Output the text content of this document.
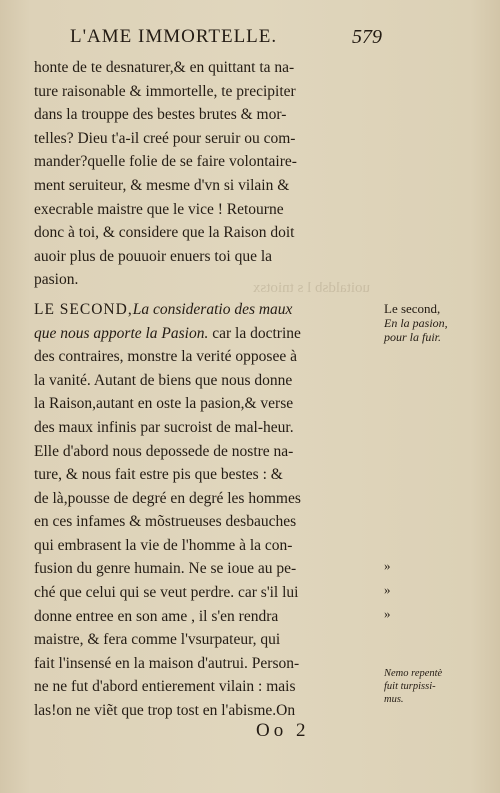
uoitaldsb l s tniotsx
L'AME IMMORTELLE.	579
honte de te desnaturer,& en quittant ta na-
ture raisonable & immortelle, te precipiter
dans la trouppe des bestes brutes & mor-
telles? Dieu t'a-il creé pour seruir ou com-
mander?quelle folie de se faire volontaire-
ment seruiteur, & mesme d'vn si vilain &
execrable maistre que le vice ! Retourne
donc à toi, & considere que la Raison doit
auoir plus de pouuoir enuers toi que la
pasion.
LE SECOND,La consideratio des maux
que nous apporte la Pasion. car la doctrine
des contraires, monstre la verité opposee à
la vanité. Autant de biens que nous donne
la Raison,autant en oste la pasion,& verse
des maux infinis par sucroist de mal-heur.
Elle d'abord nous depossede de nostre na-
ture, & nous fait estre pis que bestes : &
de là,pousse de degré en degré les hommes
en ces infames & mõstrueuses desbauches
qui embrasent la vie de l'homme à la con-
fusion du genre humain. Ne se ioue au pe-
ché que celui qui se veut perdre. car s'il lui
donne entree en son ame , il s'en rendra
maistre, & fera comme l'vsurpateur, qui
fait l'insensé en la maison d'autrui. Person-
ne ne fut d'abord entierement vilain : mais
las!on ne viẽt que trop tost en l'abisme.On
Le second,
En la pasion,
pour la fuir.
»
»
»
Nemo repentè
fuit turpissi-
mus.
Oo 2
